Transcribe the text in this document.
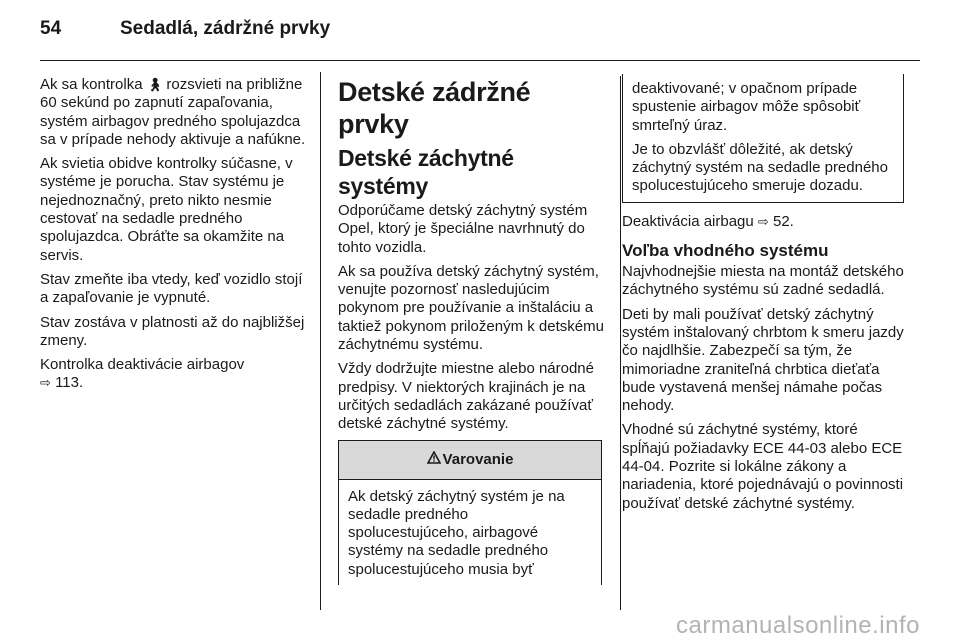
54	Sedadlá, zádržné prvky

Ak sa kontrolka 🚶︎ rozsvieti na približne 60 sekúnd po zapnutí zapaľovania, systém airbagov predného spolujazdca sa v prípade nehody aktivuje a nafúkne.

Ak svietia obidve kontrolky súčasne, v systéme je porucha. Stav systému je nejednoznačný, preto nikto nesmie cestovať na sedadle predného spolujazdca. Obráťte sa okamžite na servis.

Stav zmeňte iba vtedy, keď vozidlo stojí a zapaľovanie je vypnuté.

Stav zostáva v platnosti až do najbližšej zmeny.

Kontrolka deaktivácie airbagov
⇨ 113.

Detské zádržné prvky
Detské záchytné systémy

Odporúčame detský záchytný systém Opel, ktorý je špeciálne navrhnutý do tohto vozidla.

Ak sa používa detský záchytný systém, venujte pozornosť nasledujúcim pokynom pre používanie a inštaláciu a taktiež pokynom priloženým k detskému záchytnému systému.

Vždy dodržujte miestne alebo národné predpisy. V niektorých krajinách je na určitých sedadlách zakázané používať detské záchytné systémy.

Varovanie
Ak detský záchytný systém je na sedadle predného spolucestujúceho, airbagové systémy na sedadle predného spolucestujúceho musia byť

deaktivované; v opačnom prípade spustenie airbagov môže spôsobiť smrteľný úraz.

Je to obzvlášť dôležité, ak detský záchytný systém na sedadle predného spolucestujúceho smeruje dozadu.

Deaktivácia airbagu ⇨ 52.

Voľba vhodného systému

Najvhodnejšie miesta na montáž detského záchytného systému sú zadné sedadlá.

Deti by mali používať detský záchytný systém inštalovaný chrbtom k smeru jazdy čo najdlhšie. Zabezpečí sa tým, že mimoriadne zraniteľná chrbtica dieťaťa bude vystavená menšej námahe počas nehody.

Vhodné sú záchytné systémy, ktoré spĺňajú požiadavky ECE 44-03 alebo ECE 44-04. Pozrite si lokálne zákony a nariadenia, ktoré pojednávajú o povinnosti používať detské záchytné systémy.

carmanualsonline.info
